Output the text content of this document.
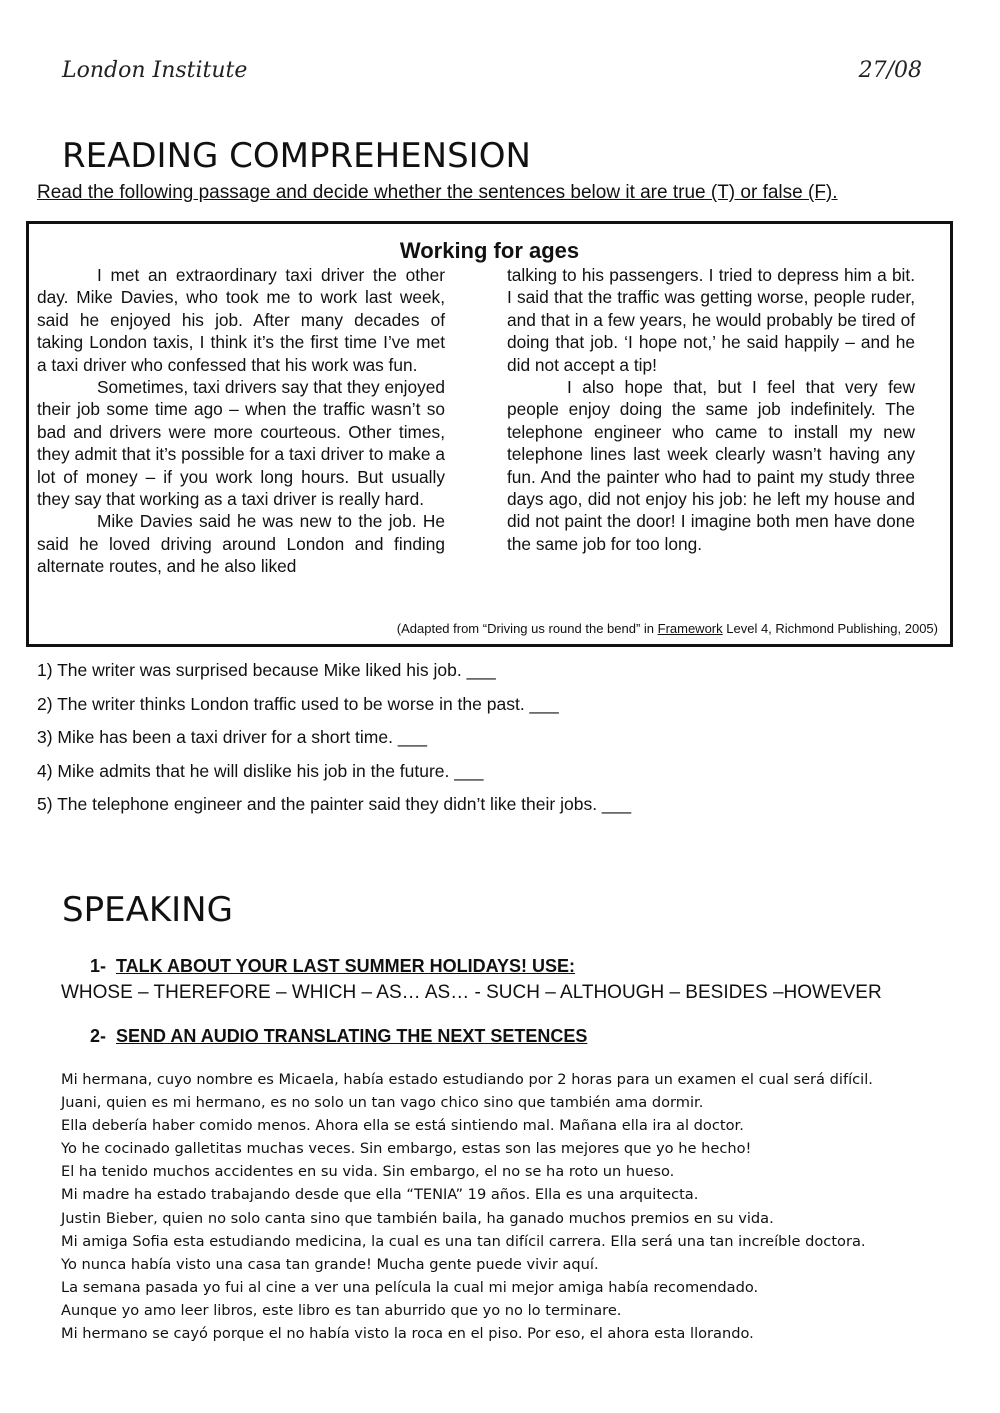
London Institute	27/08
READING COMPREHENSION
Read the following passage and decide whether the sentences below it are true (T) or false (F).
Working for ages

I met an extraordinary taxi driver the other day. Mike Davies, who took me to work last week, said he enjoyed his job. After many decades of taking London taxis, I think it’s the first time I’ve met a taxi driver who confessed that his work was fun.

Sometimes, taxi drivers say that they enjoyed their job some time ago – when the traffic wasn’t so bad and drivers were more courteous. Other times, they admit that it’s possible for a taxi driver to make a lot of money – if you work long hours. But usually they say that working as a taxi driver is really hard.

Mike Davies said he was new to the job. He said he loved driving around London and finding alternate routes, and he also liked

talking to his passengers. I tried to depress him a bit. I said that the traffic was getting worse, people ruder, and that in a few years, he would probably be tired of doing that job. ‘I hope not,’ he said happily – and he did not accept a tip!

I also hope that, but I feel that very few people enjoy doing the same job indefinitely. The telephone engineer who came to install my new telephone lines last week clearly wasn’t having any fun. And the painter who had to paint my study three days ago, did not enjoy his job: he left my house and did not paint the door! I imagine both men have done the same job for too long.

(Adapted from “Driving us round the bend” in Framework Level 4, Richmond Publishing, 2005)
1) The writer was surprised because Mike liked his job. ___
2) The writer thinks London traffic used to be worse in the past. ___
3) Mike has been a taxi driver for a short time. ___
4) Mike admits that he will dislike his job in the future. ___
5) The telephone engineer and the painter said they didn’t like their jobs. ___
SPEAKING
1- TALK ABOUT YOUR LAST SUMMER HOLIDAYS! USE:
WHOSE – THEREFORE – WHICH – AS… AS… - SUCH – ALTHOUGH – BESIDES –HOWEVER
2- SEND AN AUDIO TRANSLATING THE NEXT SETENCES
Mi hermana, cuyo nombre es Micaela, había estado estudiando por 2 horas para un examen el cual será difícil.
Juani, quien es mi hermano, es no solo un tan vago chico sino que también ama dormir.
Ella debería haber comido menos. Ahora ella se está sintiendo mal. Mañana ella ira al doctor.
Yo he cocinado galletitas muchas veces. Sin embargo, estas son las mejores que yo he hecho!
El ha tenido muchos accidentes en su vida. Sin embargo, el no se ha roto un hueso.
Mi madre ha estado trabajando desde que ella “TENIA” 19 años. Ella es una arquitecta.
Justin Bieber, quien no solo canta sino que también baila, ha ganado muchos premios en su vida.
Mi amiga Sofia esta estudiando medicina, la cual es una tan difícil carrera. Ella será una tan increíble doctora.
Yo nunca había visto una casa tan grande! Mucha gente puede vivir aquí.
La semana pasada yo fui al cine a ver una película la cual mi mejor amiga había recomendado.
Aunque yo amo leer libros, este libro es tan aburrido que yo no lo terminare.
Mi hermano se cayó porque el no había visto la roca en el piso. Por eso, el ahora esta llorando.
